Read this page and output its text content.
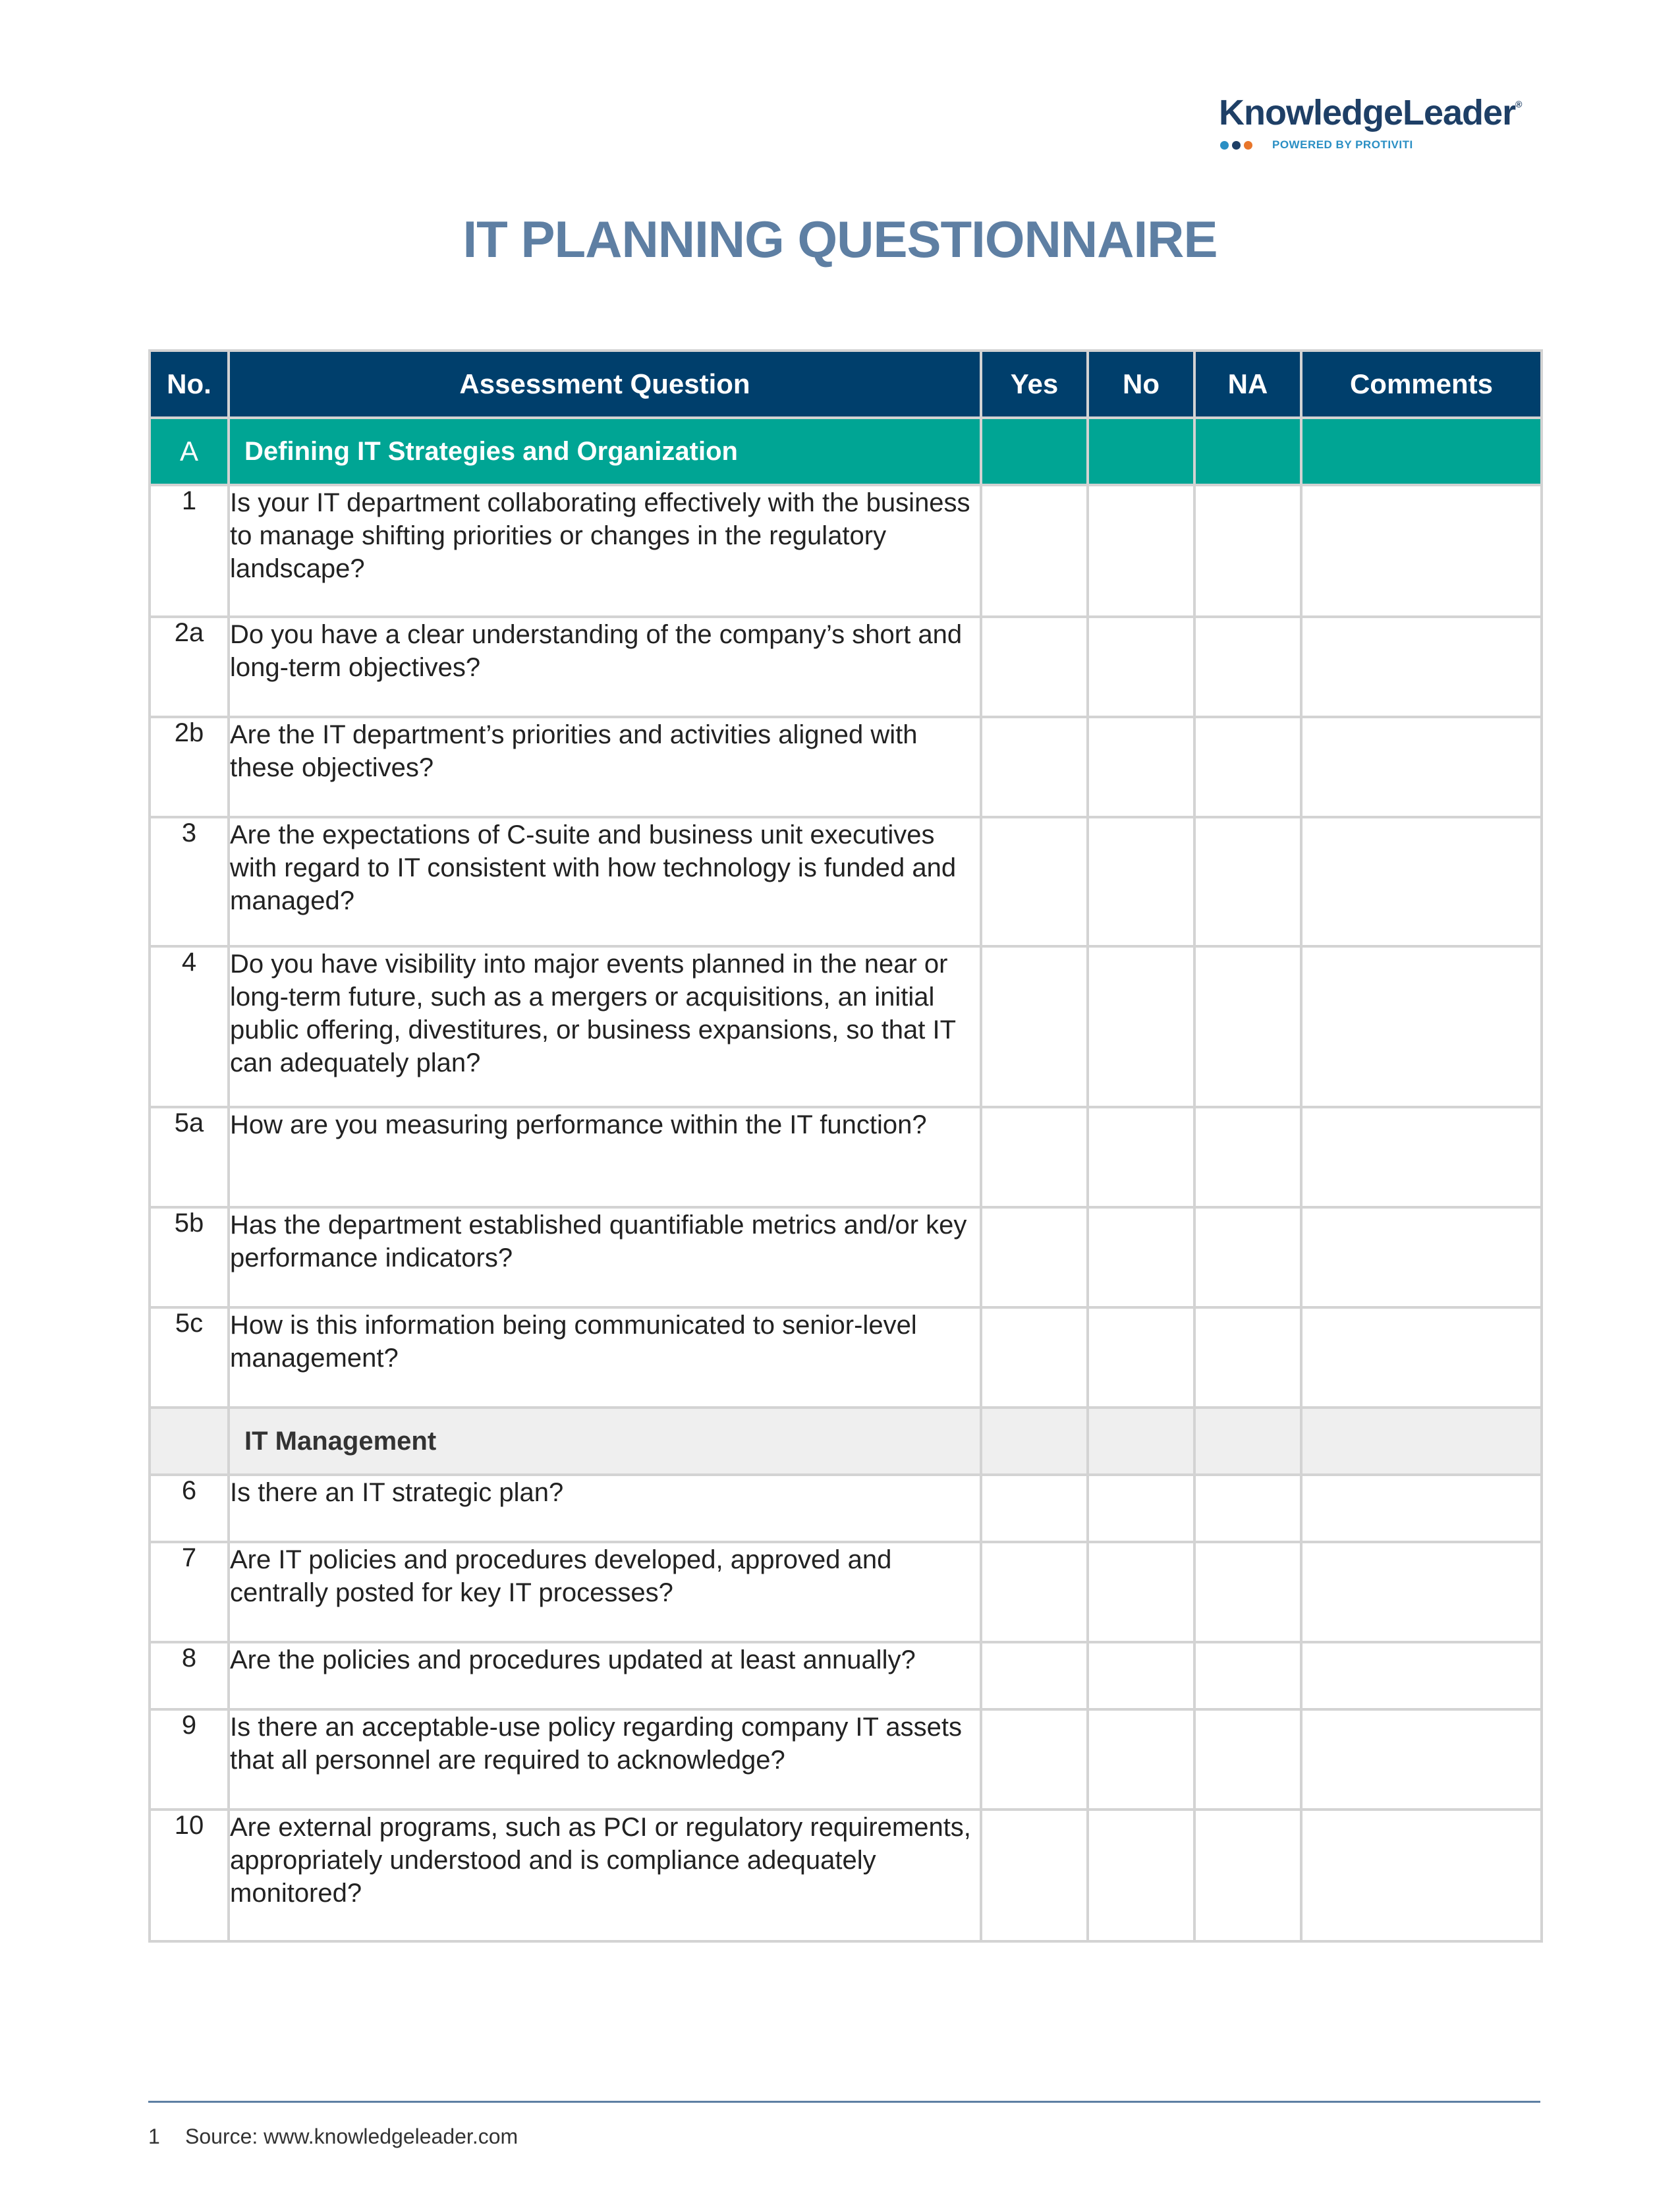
KnowledgeLeader®
POWERED BY PROTIVITI
IT PLANNING QUESTIONNAIRE
No.	Assessment Question	Yes	No	NA	Comments
A	Defining IT Strategies and Organization				
1	Is your IT department collaborating effectively with the business to manage shifting priorities or changes in the regulatory landscape?				
2a	Do you have a clear understanding of the company’s short and long-term objectives?				
2b	Are the IT department’s priorities and activities aligned with these objectives?				
3	Are the expectations of C-suite and business unit executives with regard to IT consistent with how technology is funded and managed?				
4	Do you have visibility into major events planned in the near or long-term future, such as a mergers or acquisitions, an initial public offering, divestitures, or business expansions, so that IT can adequately plan?				
5a	How are you measuring performance within the IT function?				
5b	Has the department established quantifiable metrics and/or key performance indicators?				
5c	How is this information being communicated to senior-level management?				
	IT Management				
6	Is there an IT strategic plan?				
7	Are IT policies and procedures developed, approved and centrally posted for key IT processes?				
8	Are the policies and procedures updated at least annually?				
9	Is there an acceptable-use policy regarding company IT assets that all personnel are required to acknowledge?				
10	Are external programs, such as PCI or regulatory requirements, appropriately understood and is compliance adequately monitored?				
1 Source: www.knowledgeleader.com
